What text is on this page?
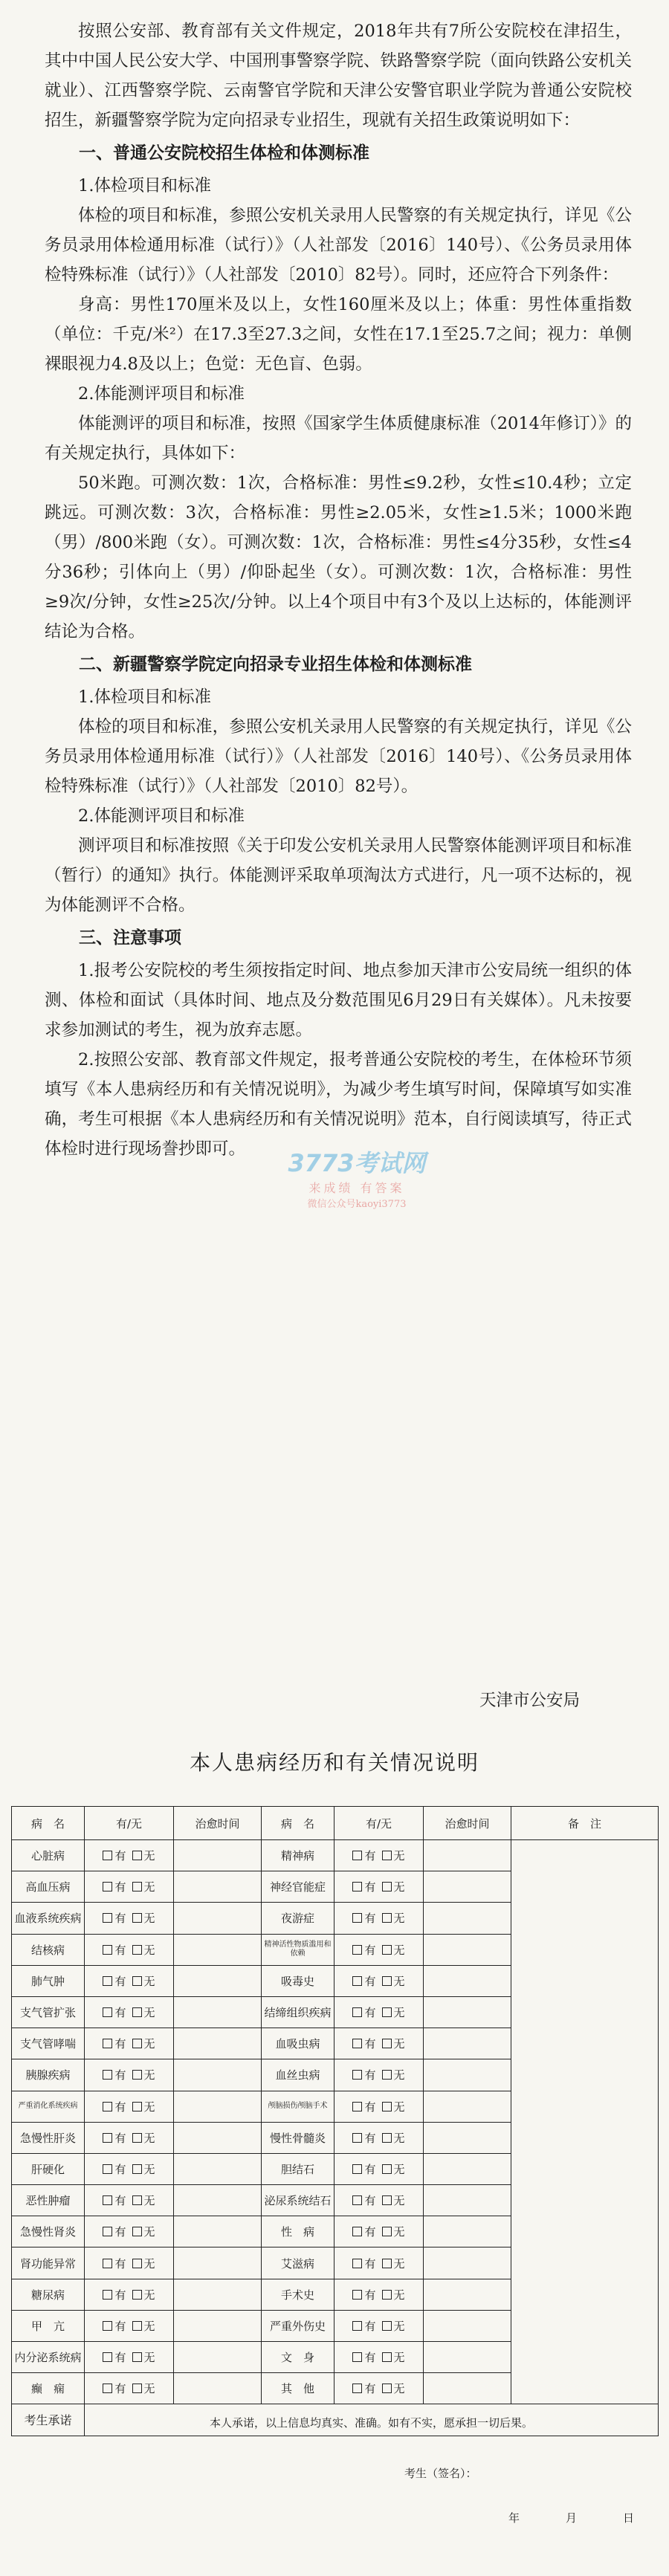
按照公安部、教育部有关文件规定，2018年共有7所公安院校在津招生，其中中国人民公安大学、中国刑事警察学院、铁路警察学院（面向铁路公安机关就业）、江西警察学院、云南警官学院和天津公安警官职业学院为普通公安院校招生，新疆警察学院为定向招录专业招生，现就有关招生政策说明如下：

一、普通公安院校招生体检和体测标准
1.体检项目和标准

体检的项目和标准，参照公安机关录用人民警察的有关规定执行，详见《公务员录用体检通用标准（试行）》（人社部发〔2016〕140号）、《公务员录用体检特殊标准（试行）》（人社部发〔2010〕82号）。同时，还应符合下列条件：

身高：男性170厘米及以上，女性160厘米及以上；体重：男性体重指数（单位：千克/米²）在17.3至27.3之间，女性在17.1至25.7之间；视力：单侧裸眼视力4.8及以上；色觉：无色盲、色弱。

2.体能测评项目和标准

体能测评的项目和标准，按照《国家学生体质健康标准（2014年修订）》的有关规定执行，具体如下：

50米跑。可测次数：1次，合格标准：男性≤9.2秒，女性≤10.4秒；立定跳远。可测次数：3次，合格标准：男性≥2.05米，女性≥1.5米；1000米跑（男）/800米跑（女）。可测次数：1次，合格标准：男性≤4分35秒，女性≤4分36秒；引体向上（男）/仰卧起坐（女）。可测次数：1次，合格标准：男性≥9次/分钟，女性≥25次/分钟。以上4个项目中有3个及以上达标的，体能测评结论为合格。

二、新疆警察学院定向招录专业招生体检和体测标准
1.体检项目和标准

体检的项目和标准，参照公安机关录用人民警察的有关规定执行，详见《公务员录用体检通用标准（试行）》（人社部发〔2016〕140号）、《公务员录用体检特殊标准（试行）》（人社部发〔2010〕82号）。

2.体能测评项目和标准

测评项目和标准按照《关于印发公安机关录用人民警察体能测评项目和标准（暂行）的通知》执行。体能测评采取单项淘汰方式进行，凡一项不达标的，视为体能测评不合格。

三、注意事项

1.报考公安院校的考生须按指定时间、地点参加天津市公安局统一组织的体测、体检和面试（具体时间、地点及分数范围见6月29日有关媒体）。凡未按要求参加测试的考生，视为放弃志愿。

2.按照公安部、教育部文件规定，报考普通公安院校的考生，在体检环节须填写《本人患病经历和有关情况说明》，为减少考生填写时间，保障填写如实准确，考生可根据《本人患病经历和有关情况说明》范本，自行阅读填写，待正式体检时进行现场誊抄即可。	3773考试网
来成绩 有答案
微信公众号kaoyi3773
天津市公安局
本人患病经历和有关情况说明
病　名	有/无	治愈时间	病　名	有/无	治愈时间	备　注
心脏病	有 无		精神病	有 无		
高血压病	有 无		神经官能症	有 无		
血液系统疾病	有 无		夜游症	有 无		
结核病	有 无		精神活性物质滥用和依赖	有 无		
肺气肿	有 无		吸毒史	有 无		
支气管扩张	有 无		结缔组织疾病	有 无		
支气管哮喘	有 无		血吸虫病	有 无		
胰腺疾病	有 无		血丝虫病	有 无		
严重消化系统疾病	有 无		颅脑损伤颅脑手术	有 无		
急慢性肝炎	有 无		慢性骨髓炎	有 无		
肝硬化	有 无		胆结石	有 无		
恶性肿瘤	有 无		泌尿系统结石	有 无		
急慢性肾炎	有 无		性　病	有 无		
肾功能异常	有 无		艾滋病	有 无		
糖尿病	有 无		手术史	有 无		
甲　亢	有 无		严重外伤史	有 无		
内分泌系统病	有 无		文　身	有 无		
癫　痫	有 无		其　他	有 无		
考生承诺	本人承诺，以上信息均真实、准确。如有不实，愿承担一切后果。
考生（签名）：
年 月 日					
